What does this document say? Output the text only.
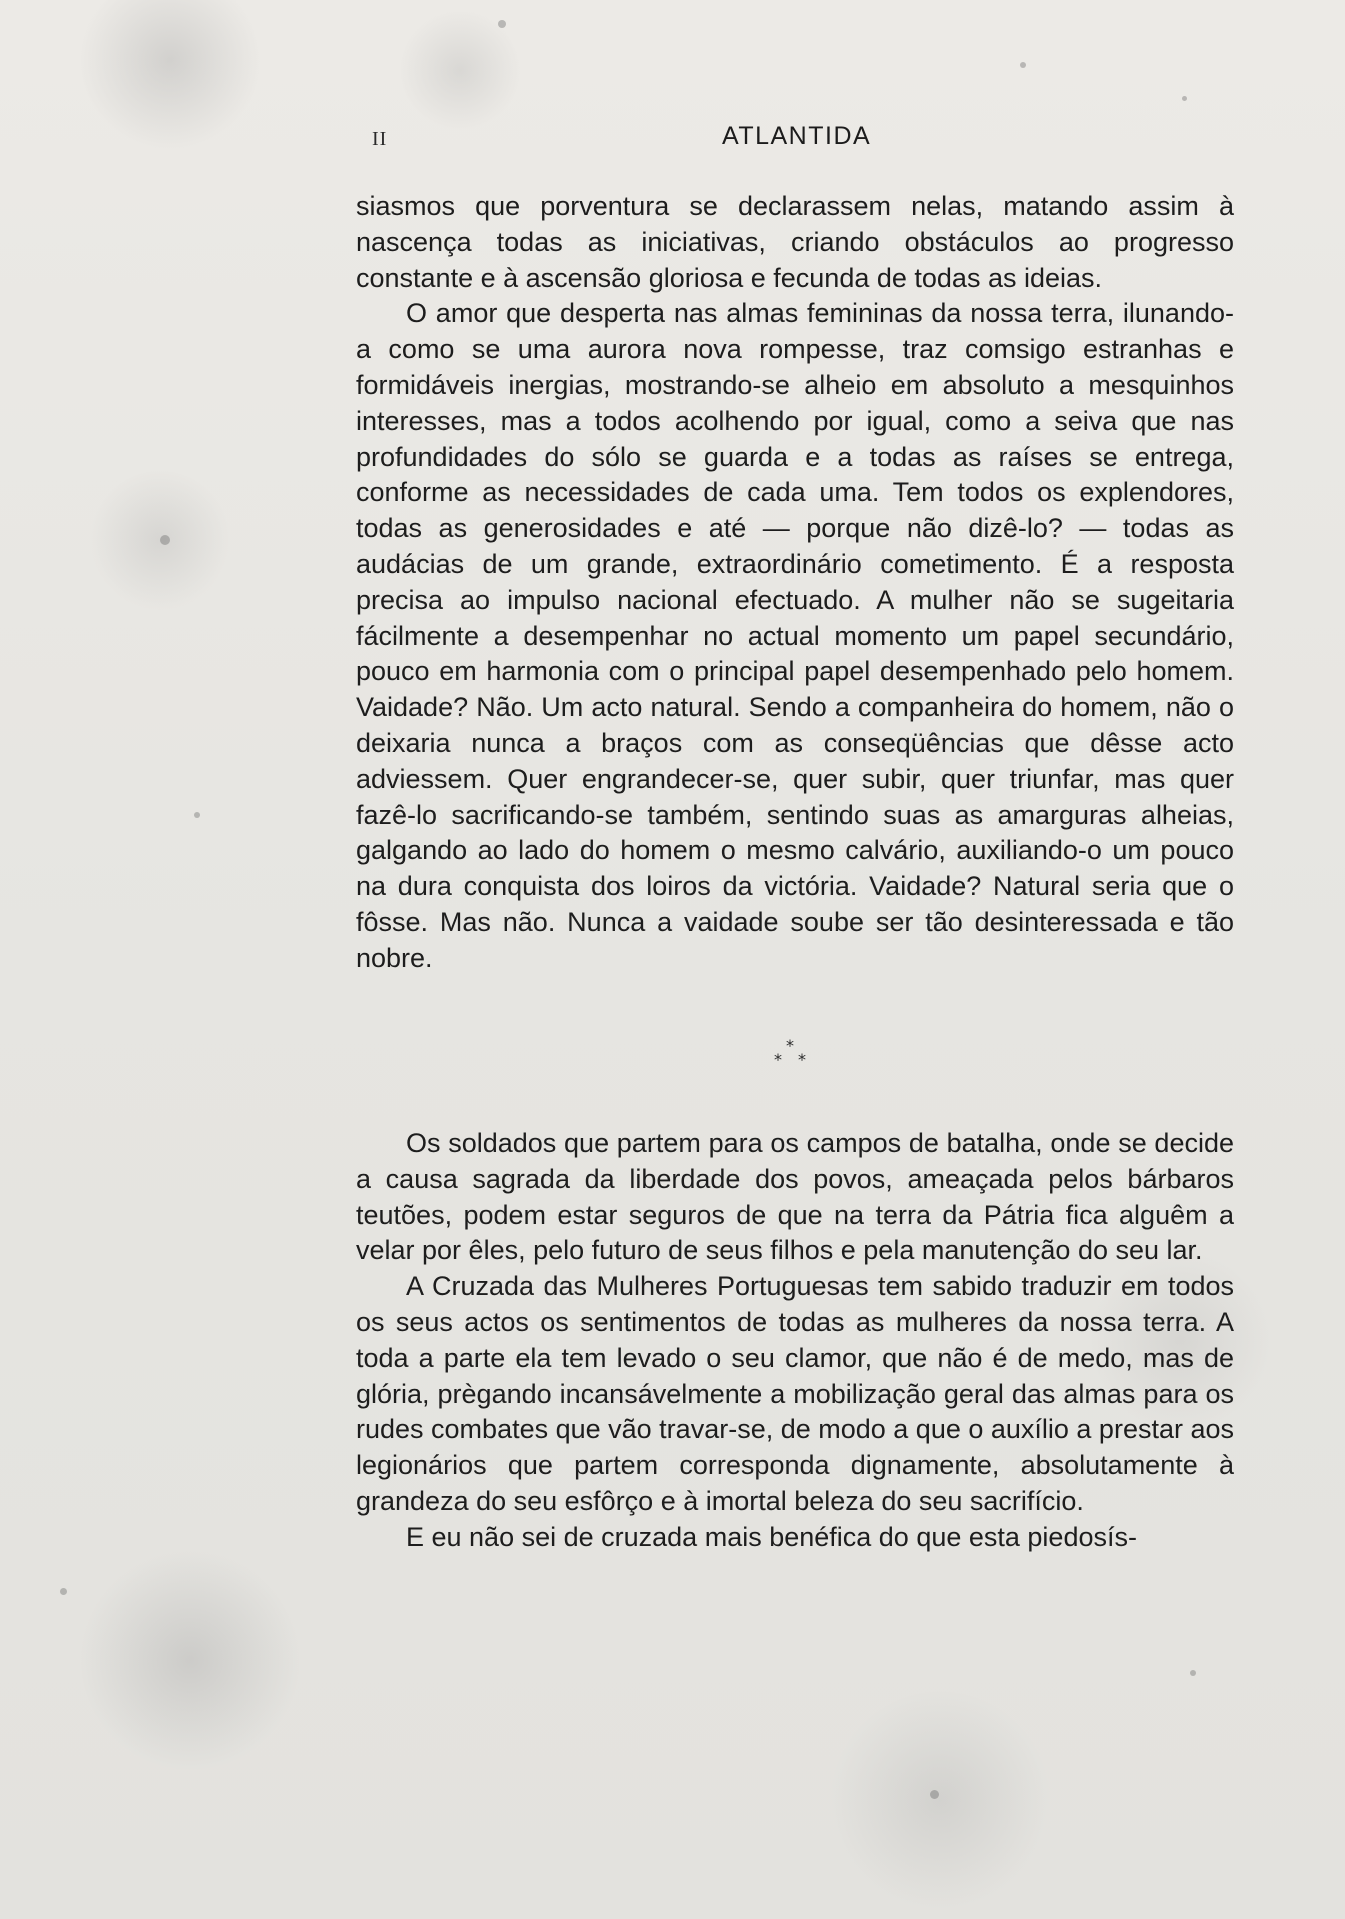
II	ATLANTIDA

siasmos que porventura se declarassem nelas, matando assim à nascença todas as iniciativas, criando obstáculos ao progresso constante e à ascensão gloriosa e fecunda de todas as ideias.

O amor que desperta nas almas femininas da nossa terra, ilunando-a como se uma aurora nova rompesse, traz comsigo estranhas e formidáveis inergias, mostrando-se alheio em absoluto a mesquinhos interesses, mas a todos acolhendo por igual, como a seiva que nas profundidades do sólo se guarda e a todas as raíses se entrega, conforme as necessidades de cada uma. Tem todos os explendores, todas as generosidades e até — porque não dizê-lo? — todas as audácias de um grande, extraordinário cometimento. É a resposta precisa ao impulso nacional efectuado. A mulher não se sugeitaria fácilmente a desempenhar no actual momento um papel secundário, pouco em harmonia com o principal papel desempenhado pelo homem. Vaidade? Não. Um acto natural. Sendo a companheira do homem, não o deixaria nunca a braços com as conseqüências que dêsse acto adviessem. Quer engrandecer-se, quer subir, quer triunfar, mas quer fazê-lo sacrificando-se também, sentindo suas as amarguras alheias, galgando ao lado do homem o mesmo calvário, auxiliando-o um pouco na dura conquista dos loiros da victória. Vaidade? Natural seria que o fôsse. Mas não. Nunca a vaidade soube ser tão desinteressada e tão nobre.

*
* *

Os soldados que partem para os campos de batalha, onde se decide a causa sagrada da liberdade dos povos, ameaçada pelos bárbaros teutões, podem estar seguros de que na terra da Pátria fica alguêm a velar por êles, pelo futuro de seus filhos e pela manutenção do seu lar.

A Cruzada das Mulheres Portuguesas tem sabido traduzir em todos os seus actos os sentimentos de todas as mulheres da nossa terra. A toda a parte ela tem levado o seu clamor, que não é de medo, mas de glória, prègando incansávelmente a mobilização geral das almas para os rudes combates que vão travar-se, de modo a que o auxílio a prestar aos legionários que partem corresponda dignamente, absolutamente à grandeza do seu esfôrço e à imortal beleza do seu sacrifício.

E eu não sei de cruzada mais benéfica do que esta piedosís-
